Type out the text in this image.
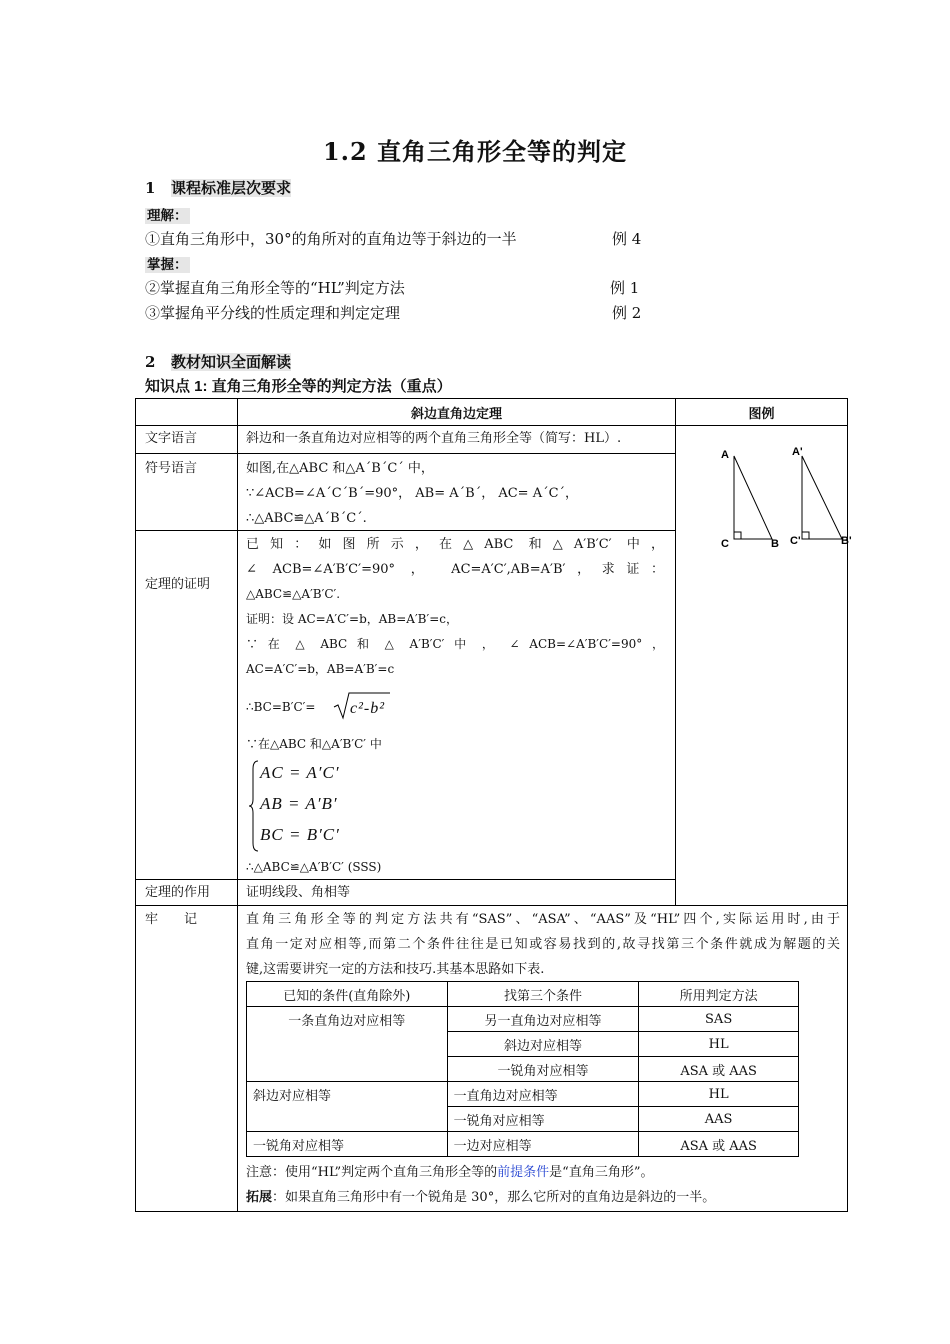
1.2 直角三角形全等的判定
1 课程标准层次要求
理解：
①直角三角形中，30°的角所对的直角边等于斜边的一半	例 4
掌握：
②掌握直角三角形全等的“HL”判定方法	例 1
③掌握角平分线的性质定理和判定定理	例 2
2 教材知识全面解读
知识点 1: 直角三角形全等的判定方法（重点）
斜边直角边定理	图例
文字语言	斜边和一条直角边对应相等的两个直角三角形全等（简写：HL）.
符号语言	如图,在△ABC 和△A´B´C´ 中，
∵∠ACB=∠A´C´B´=90°， AB= A´B´， AC= A´C´，
∴△ABC≌△A´B´C´.
定理的证明
已知：如图所示，在△ABC 和△A′B′C′ 中，
∠ ACB=∠A′B′C′=90° ， AC=A′C′,AB=A′B′，求证：
△ABC≌△A′B′C′.
证明：设 AC=A′C′=b，AB=A′B′=c，
∵ 在 △ ABC 和 △ A′B′C′ 中 ， ∠ ACB=∠A′B′C′=90° ，
AC=A′C′=b，AB=A′B′=c
∴BC=B′C′= c²-b²
∵在△ABC 和△A′B′C′ 中
AC = A′C′
AB = A′B′
BC = B′C′
∴△ABC≌△A′B′C′ (SSS)
定理的作用	证明线段、角相等
牢　　记	直角三角形全等的判定方法共有“SAS”、“ASA”、“AAS”及“HL”四个,实际运用时,由于
直角一定对应相等,而第二个条件往往是已知或容易找到的,故寻找第三个条件就成为解题的关
键,这需要讲究一定的方法和技巧.其基本思路如下表.
已知的条件(直角除外)	找第三个条件	所用判定方法
一条直角边对应相等	另一直角边对应相等	SAS
	斜边对应相等	HL
	一锐角对应相等	ASA 或 AAS
斜边对应相等	一直角边对应相等	HL
	一锐角对应相等	AAS
一锐角对应相等	一边对应相等	ASA 或 AAS
注意：使用“HL”判定两个直角三角形全等的前提条件是“直角三角形”。
拓展：如果直角三角形中有一个锐角是 30°，那么它所对的直角边是斜边的一半。
A
C	B
A'
C'	B'
